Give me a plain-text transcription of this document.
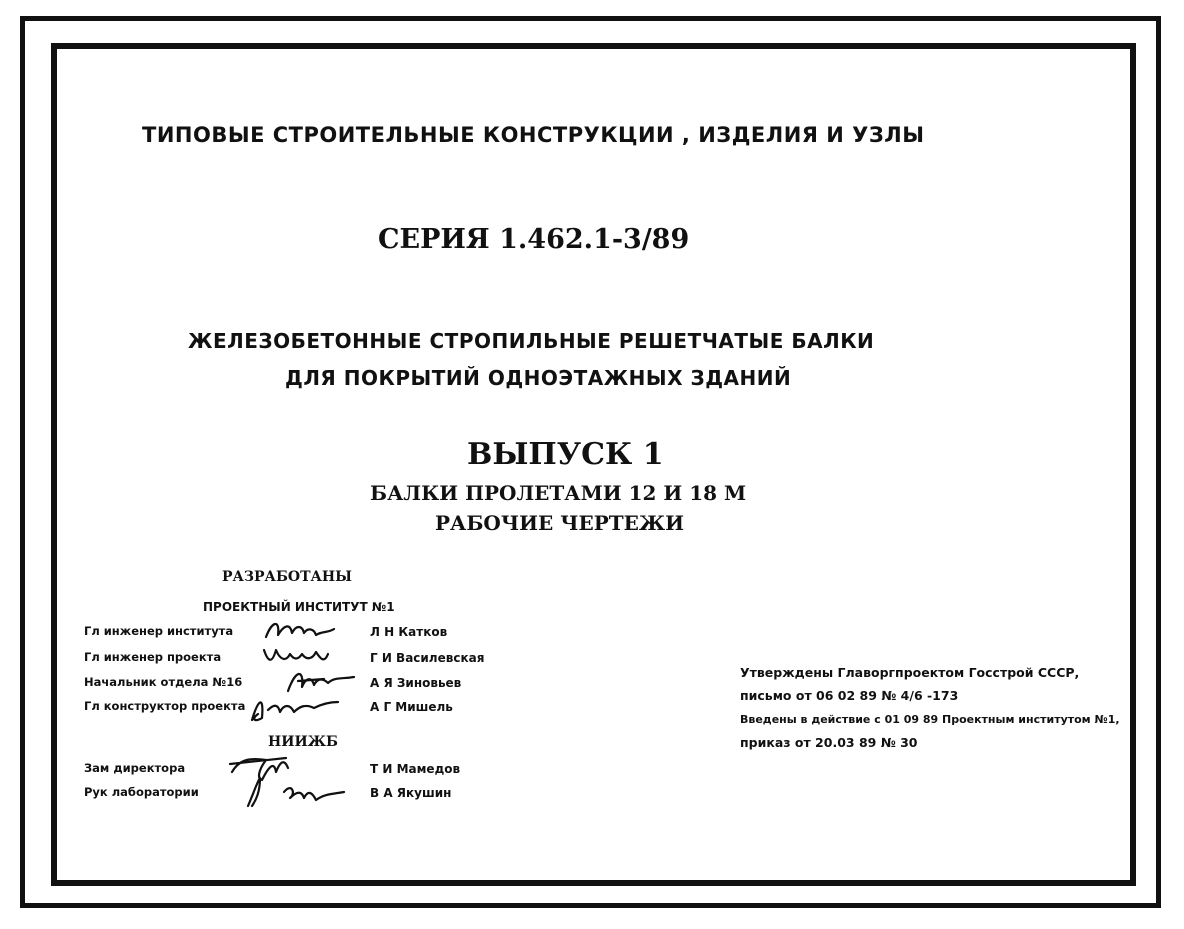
ТИПОВЫЕ СТРОИТЕЛЬНЫЕ КОНСТРУКЦИИ , ИЗДЕЛИЯ И УЗЛЫ
СЕРИЯ 1.462.1-3/89
ЖЕЛЕЗОБЕТОННЫЕ СТРОПИЛЬНЫЕ РЕШЕТЧАТЫЕ БАЛКИ
ДЛЯ ПОКРЫТИЙ ОДНОЭТАЖНЫХ ЗДАНИЙ
ВЫПУСК 1
БАЛКИ ПРОЛЕТАМИ 12 И 18 М
РАБОЧИЕ ЧЕРТЕЖИ
РАЗРАБОТАНЫ
ПРОЕКТНЫЙ ИНСТИТУТ №1
Гл инженер института	Л Н Катков
Гл инженер проекта	Г И Василевская
Начальник отдела №16	А Я Зиновьев
Гл конструктор проекта	А Г Мишель
НИИЖБ
Зам директора	Т И Мамедов
Рук лаборатории	В А Якушин
Утверждены Главоргпроектом Госстрой СССР,
письмо от 06 02 89 № 4/6 -173
Введены в действие с 01 09 89 Проектным институтом №1,
приказ от 20.03 89 № 30
